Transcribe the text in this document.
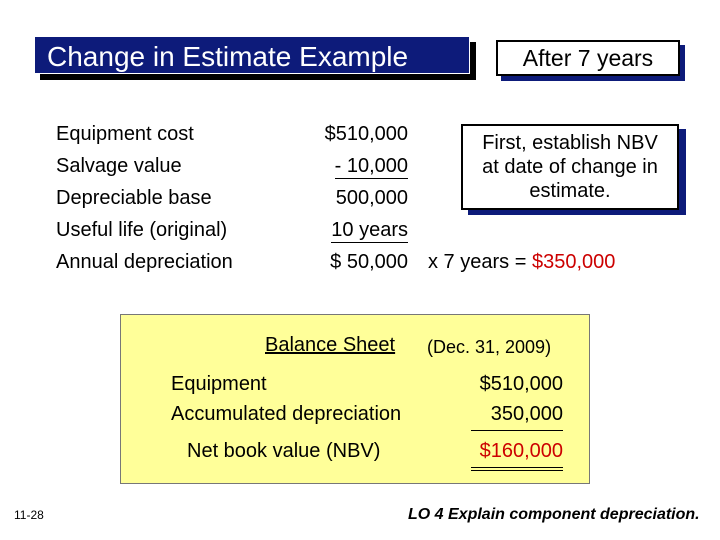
Change in Estimate Example	After 7 years
Equipment cost
Salvage value
Depreciable base
Useful life (original)
Annual depreciation
$510,000
- 10,000
500,000
10 years
$ 50,000 x 7 years = $350,000
First, establish NBV
at date of change in
estimate.
Balance Sheet (Dec. 31, 2009)
Equipment
Accumulated depreciation
Net book value (NBV)
$510,000
350,000
$160,000
11-28	LO 4 Explain component depreciation.
